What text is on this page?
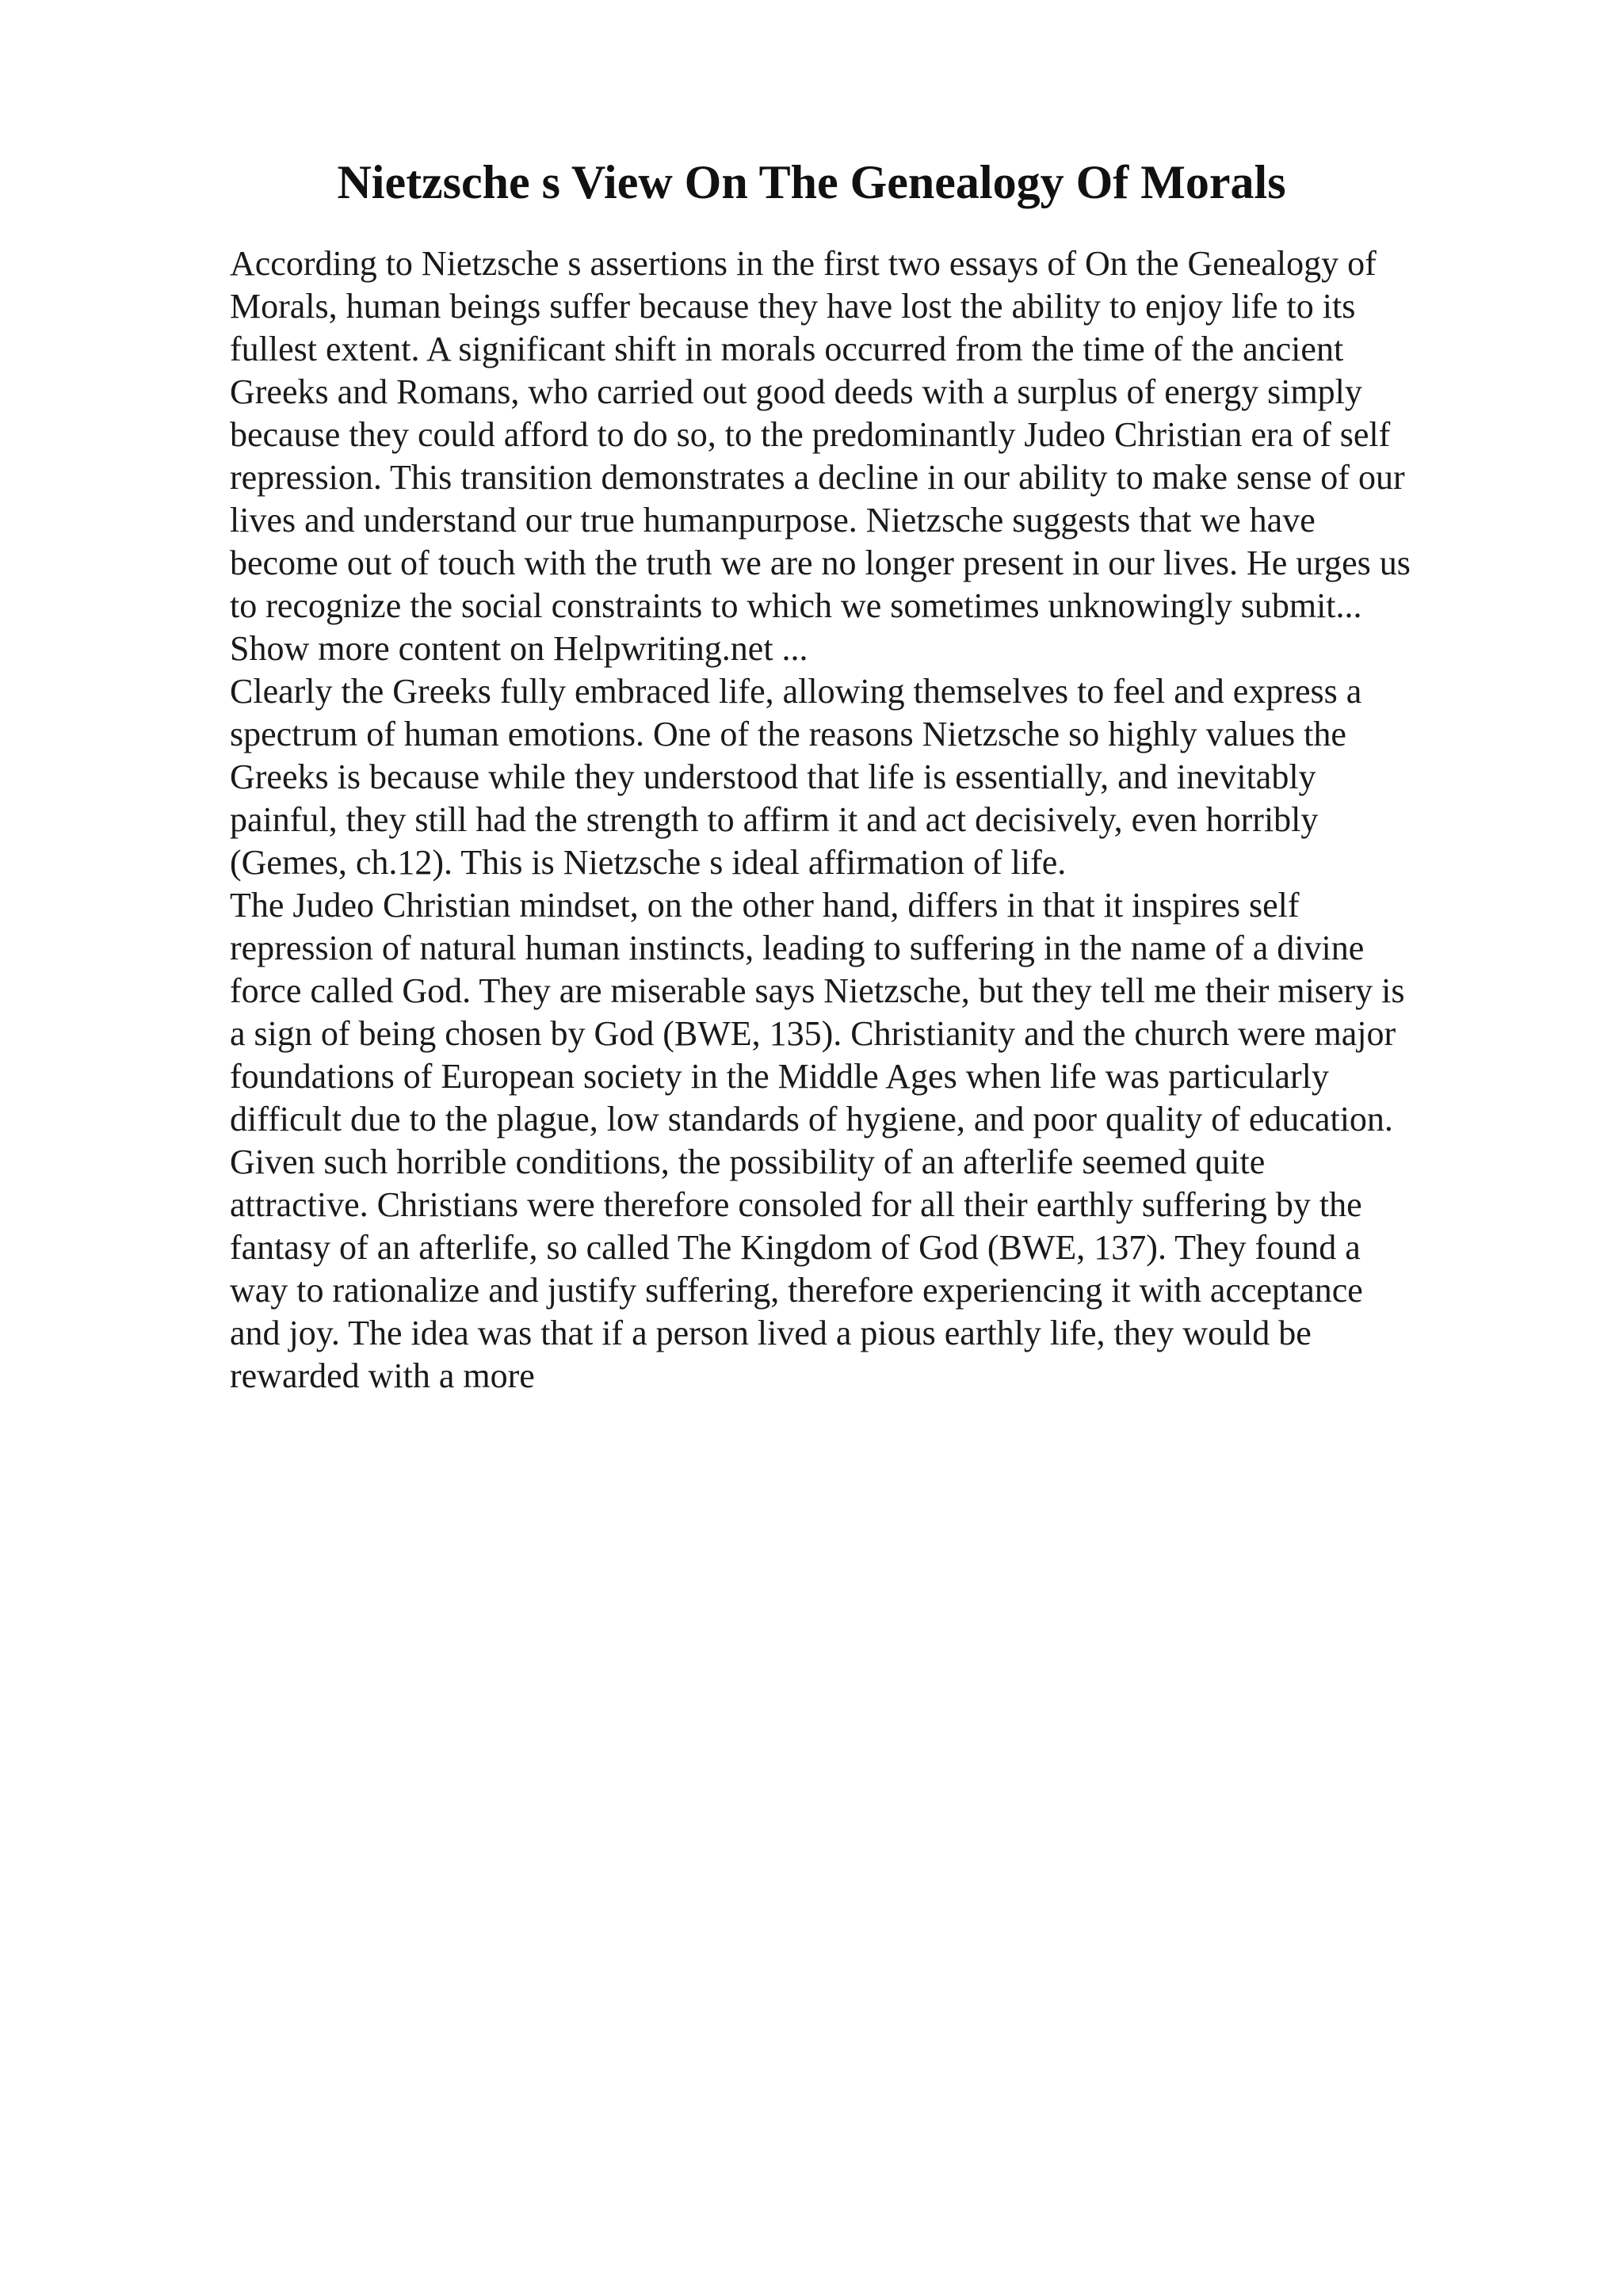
Nietzsche s View On The Genealogy Of Morals
According to Nietzsche s assertions in the first two essays of On the Genealogy of
Morals, human beings suffer because they have lost the ability to enjoy life to its
fullest extent. A significant shift in morals occurred from the time of the ancient
Greeks and Romans, who carried out good deeds with a surplus of energy simply
because they could afford to do so, to the predominantly Judeo Christian era of self
repression. This transition demonstrates a decline in our ability to make sense of our
lives and understand our true humanpurpose. Nietzsche suggests that we have
become out of touch with the truth we are no longer present in our lives. He urges us
to recognize the social constraints to which we sometimes unknowingly submit...
Show more content on Helpwriting.net ...
Clearly the Greeks fully embraced life, allowing themselves to feel and express a
spectrum of human emotions. One of the reasons Nietzsche so highly values the
Greeks is because while they understood that life is essentially, and inevitably
painful, they still had the strength to affirm it and act decisively, even horribly
(Gemes, ch.12). This is Nietzsche s ideal affirmation of life.
The Judeo Christian mindset, on the other hand, differs in that it inspires self
repression of natural human instincts, leading to suffering in the name of a divine
force called God. They are miserable says Nietzsche, but they tell me their misery is
a sign of being chosen by God (BWE, 135). Christianity and the church were major
foundations of European society in the Middle Ages when life was particularly
difficult due to the plague, low standards of hygiene, and poor quality of education.
Given such horrible conditions, the possibility of an afterlife seemed quite
attractive. Christians were therefore consoled for all their earthly suffering by the
fantasy of an afterlife, so called The Kingdom of God (BWE, 137). They found a
way to rationalize and justify suffering, therefore experiencing it with acceptance
and joy. The idea was that if a person lived a pious earthly life, they would be
rewarded with a more
